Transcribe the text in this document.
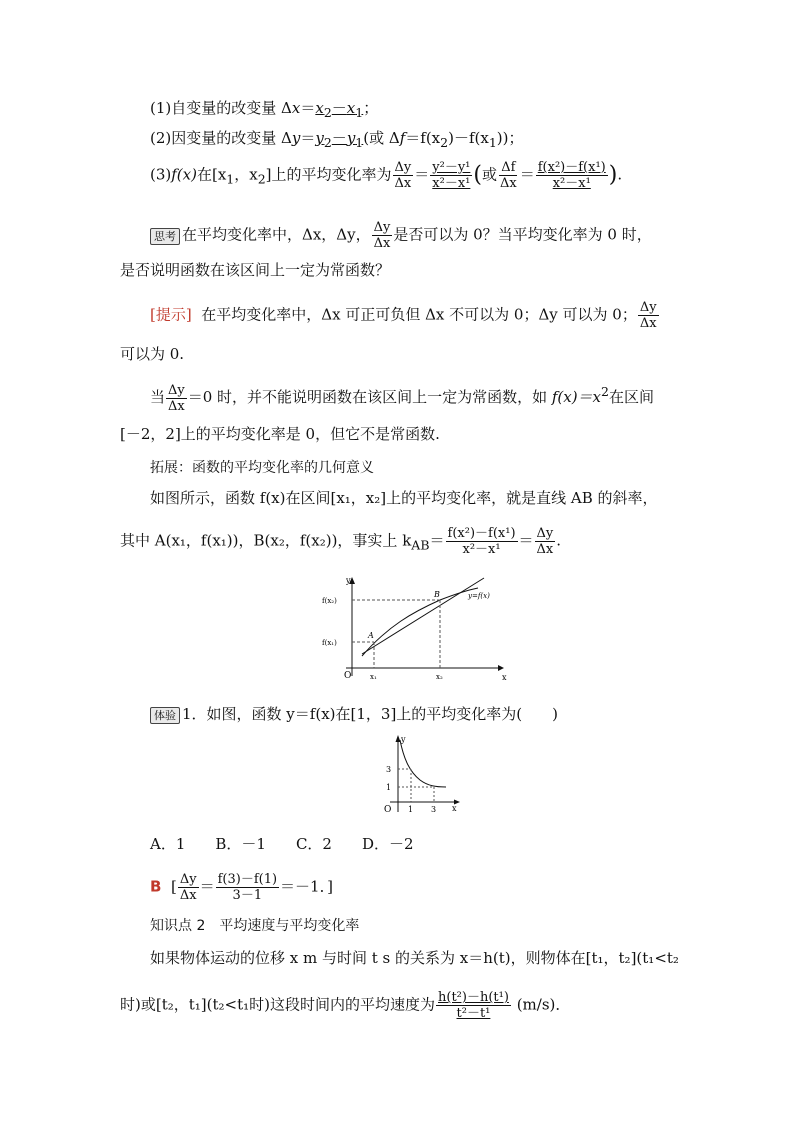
(1)自变量的改变量 $\Delta x=x_2-x_1$；
(2)因变量的改变量 $\Delta y=y_2-y_1$(或 $\Delta f=f(x_2)-f(x_1)$)；
(3)f(x)在[$x_1$，$x_2$]上的平均变化率为 $\frac{\Delta y}{\Delta x} = \frac{\text{y²－y¹}}{\text{x²－x¹}}$ (或 $\frac{\Delta f}{\Delta x} = \frac{\text{f(x²)－f(x¹)}}{\text{x²－x¹}}$ ).
思考 在平均变化率中，Δx，Δy， $\frac{\Delta y}{\Delta x}$ 是否可以为 0？当平均变化率为 0 时，
是否说明函数在该区间上一定为常函数？
[提示] 在平均变化率中，Δx 可正可负但 Δx 不可以为 0；Δy 可以为 0； $\frac{\Delta y}{\Delta x}$
可以为 0.
当 $\frac{\Delta y}{\Delta x} =0$ 时，并不能说明函数在该区间上一定为常函数，如 $f(x)=x^2$在区间
[－2，2]上的平均变化率是 0，但它不是常函数.
拓展：函数的平均变化率的几何意义
如图所示，函数 f(x)在区间[x₁，x₂]上的平均变化率，就是直线 AB 的斜率，
其中 A(x₁，f(x₁))，B(x₂，f(x₂))，事实上 $k_{AB}= \frac{\text{f(x²)－f(x¹)}}{\text{x²－x¹}} = \frac{\Delta y}{\Delta x}$ .
y
x
O
f(x₂)
f(x₁)
x₁	x₂
A
B	y=f(x)
体验 1．如图，函数 y＝f(x)在[1，3]上的平均变化率为(　　)
y
x
O
3
1
1 3
A．1　　B．－1　　C．2　　D．－2
B [ $\frac{\Delta y}{\Delta x} = \frac{f(3)-f(1)}{3-1} =-1$．]
知识点 2　平均速度与平均变化率
如果物体运动的位移 x m 与时间 t s 的关系为 x＝h(t)，则物体在[t₁，t₂](t₁<t₂
时)或[t₂，t₁](t₂<t₁时)这段时间内的平均速度为 $\frac{\text{h(t²)－h(t¹)}}{\text{t²－t¹}} (m/s)$．
